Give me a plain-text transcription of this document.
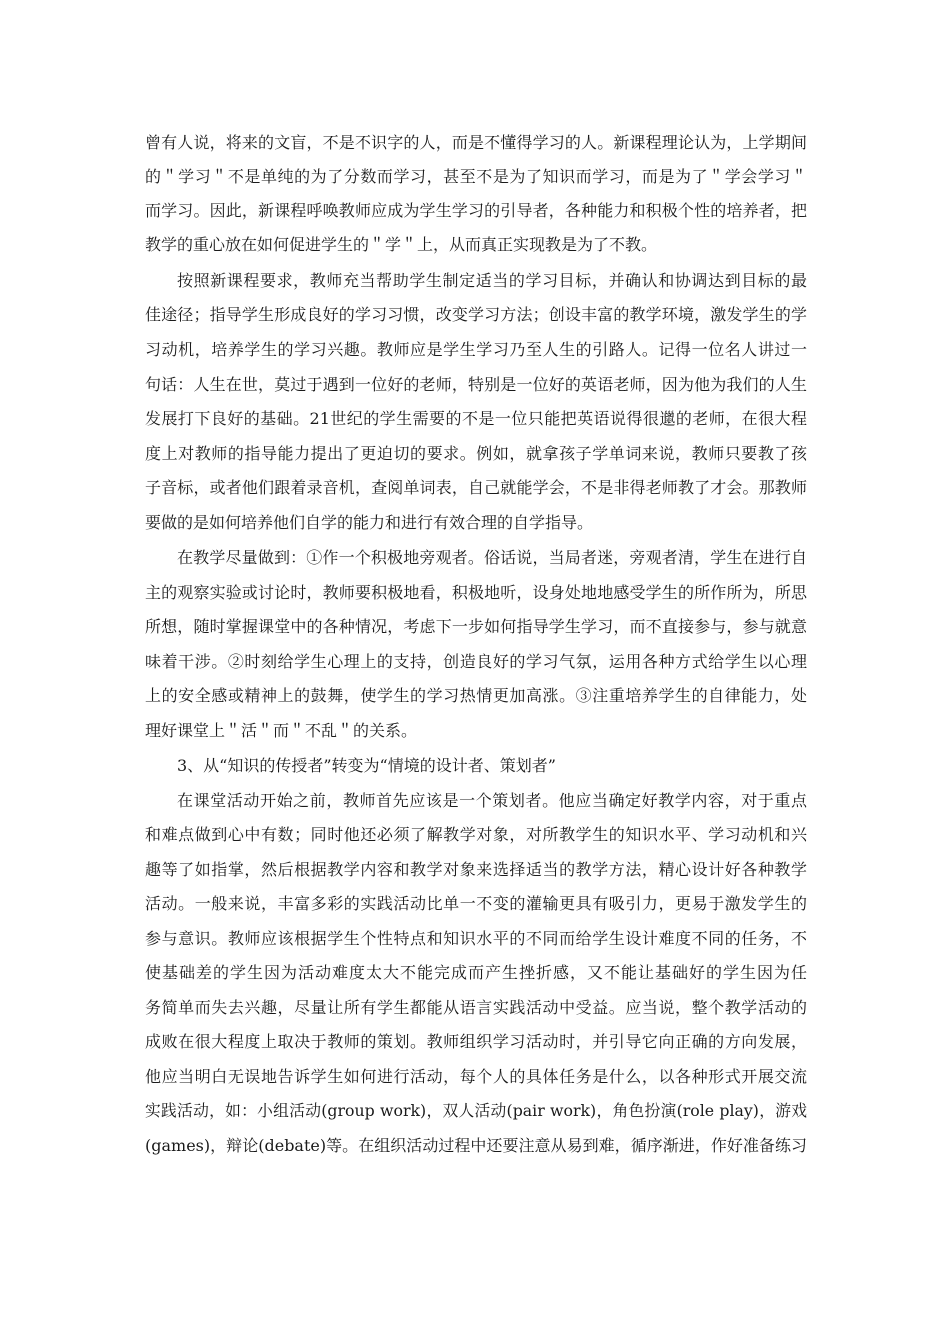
曾有人说，将来的文盲，不是不识字的人，而是不懂得学习的人。新课程理论认为，上学期间
的＂学习＂不是单纯的为了分数而学习，甚至不是为了知识而学习，而是为了＂学会学习＂
而学习。因此，新课程呼唤教师应成为学生学习的引导者，各种能力和积极个性的培养者，把
教学的重心放在如何促进学生的＂学＂上，从而真正实现教是为了不教。
按照新课程要求，教师充当帮助学生制定适当的学习目标，并确认和协调达到目标的最
佳途径；指导学生形成良好的学习习惯，改变学习方法；创设丰富的教学环境，激发学生的学
习动机，培养学生的学习兴趣。教师应是学生学习乃至人生的引路人。记得一位名人讲过一
句话：人生在世，莫过于遇到一位好的老师，特别是一位好的英语老师，因为他为我们的人生
发展打下良好的基础。21世纪的学生需要的不是一位只能把英语说得很邋的老师，在很大程
度上对教师的指导能力提出了更迫切的要求。例如，就拿孩子学单词来说，教师只要教了孩
子音标，或者他们跟着录音机，查阅单词表，自己就能学会，不是非得老师教了才会。那教师
要做的是如何培养他们自学的能力和进行有效合理的自学指导。
在教学尽量做到：①作一个积极地旁观者。俗话说，当局者迷，旁观者清，学生在进行自
主的观察实验或讨论时，教师要积极地看，积极地听，设身处地地感受学生的所作所为，所思
所想，随时掌握课堂中的各种情况，考虑下一步如何指导学生学习，而不直接参与，参与就意
味着干涉。②时刻给学生心理上的支持，创造良好的学习气氛，运用各种方式给学生以心理
上的安全感或精神上的鼓舞，使学生的学习热情更加高涨。③注重培养学生的自律能力，处
理好课堂上＂活＂而＂不乱＂的关系。
3、从“知识的传授者”转变为“情境的设计者、策划者”
在课堂活动开始之前，教师首先应该是一个策划者。他应当确定好教学内容，对于重点
和难点做到心中有数；同时他还必须了解教学对象，对所教学生的知识水平、学习动机和兴
趣等了如指掌，然后根据教学内容和教学对象来选择适当的教学方法，精心设计好各种教学
活动。一般来说，丰富多彩的实践活动比单一不变的灌输更具有吸引力，更易于激发学生的
参与意识。教师应该根据学生个性特点和知识水平的不同而给学生设计难度不同的任务，不
使基础差的学生因为活动难度太大不能完成而产生挫折感，又不能让基础好的学生因为任
务简单而失去兴趣，尽量让所有学生都能从语言实践活动中受益。应当说，整个教学活动的
成败在很大程度上取决于教师的策划。教师组织学习活动时，并引导它向正确的方向发展，
他应当明白无误地告诉学生如何进行活动，每个人的具体任务是什么，以各种形式开展交流
实践活动，如：小组活动(group work)，双人活动(pair work)，角色扮演(role play)，游戏
(games)，辩论(debate)等。在组织活动过程中还要注意从易到难，循序渐进，作好准备练习
